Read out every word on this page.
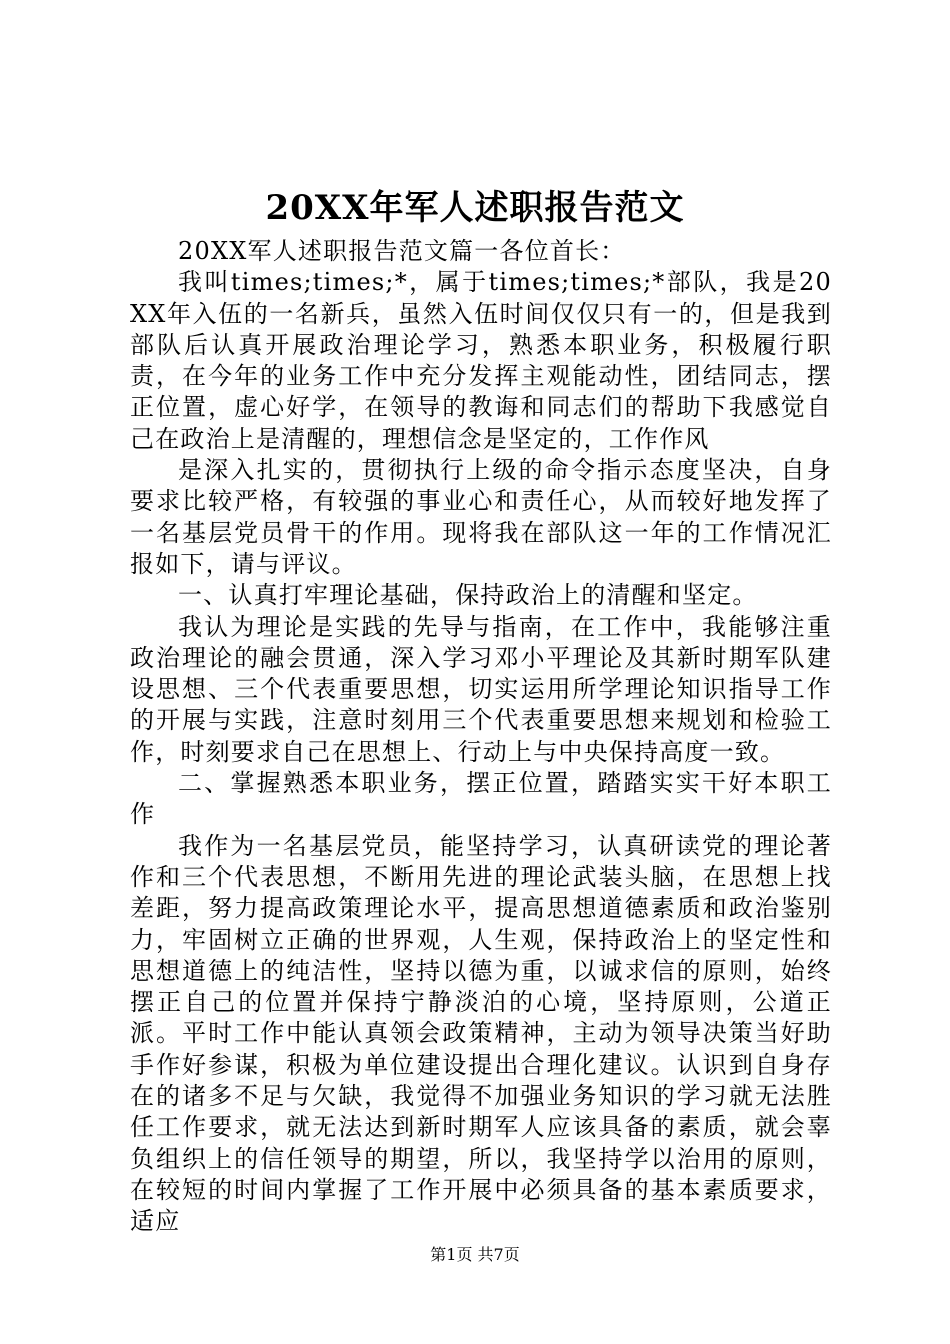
20XX年军人述职报告范文

20XX军人述职报告范文篇一各位首长：

我叫times;times;*，属于times;times;*部队，我是20XX年入伍的一名新兵，虽然入伍时间仅仅只有一的，但是我到部队后认真开展政治理论学习，熟悉本职业务，积极履行职责，在今年的业务工作中充分发挥主观能动性，团结同志，摆正位置，虚心好学，在领导的教诲和同志们的帮助下我感觉自己在政治上是清醒的，理想信念是坚定的，工作作风

是深入扎实的，贯彻执行上级的命令指示态度坚决，自身要求比较严格，有较强的事业心和责任心，从而较好地发挥了一名基层党员骨干的作用。现将我在部队这一年的工作情况汇报如下，请与评议。

一、认真打牢理论基础，保持政治上的清醒和坚定。

我认为理论是实践的先导与指南，在工作中，我能够注重政治理论的融会贯通，深入学习邓小平理论及其新时期军队建设思想、三个代表重要思想，切实运用所学理论知识指导工作的开展与实践，注意时刻用三个代表重要思想来规划和检验工作，时刻要求自己在思想上、行动上与中央保持高度一致。

二、掌握熟悉本职业务，摆正位置，踏踏实实干好本职工作

我作为一名基层党员，能坚持学习，认真研读党的理论著作和三个代表思想，不断用先进的理论武装头脑，在思想上找差距，努力提高政策理论水平，提高思想道德素质和政治鉴别力，牢固树立正确的世界观，人生观，保持政治上的坚定性和思想道德上的纯洁性，坚持以德为重，以诚求信的原则，始终摆正自己的位置并保持宁静淡泊的心境，坚持原则，公道正派。平时工作中能认真领会政策精神，主动为领导决策当好助手作好参谋，积极为单位建设提出合理化建议。认识到自身存在的诸多不足与欠缺，我觉得不加强业务知识的学习就无法胜任工作要求，就无法达到新时期军人应该具备的素质，就会辜负组织上的信任领导的期望，所以，我坚持学以治用的原则，在较短的时间内掌握了工作开展中必须具备的基本素质要求，适应

第1页 共7页
